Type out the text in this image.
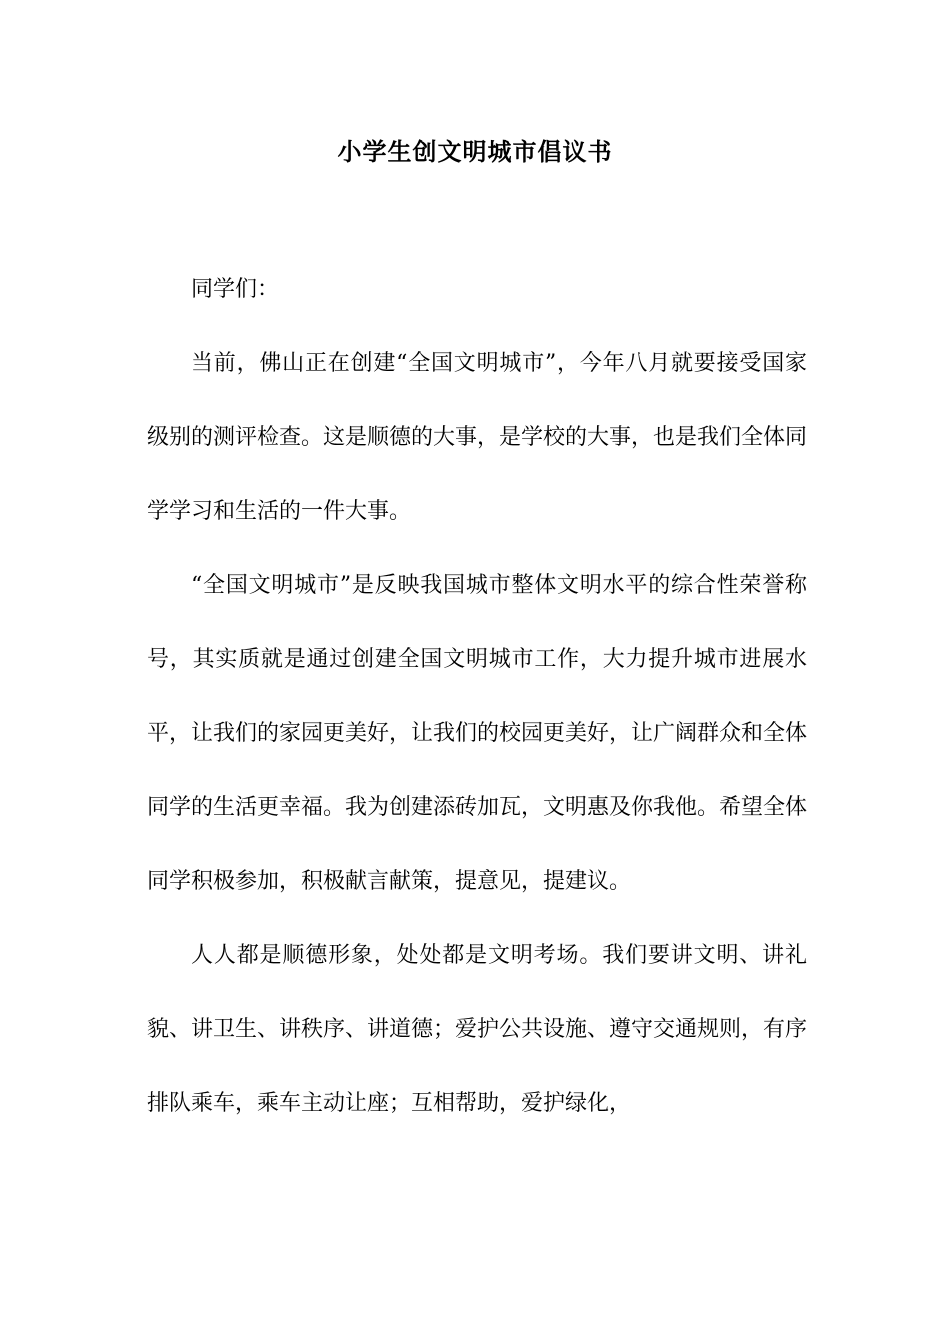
小学生创文明城市倡议书

同学们：

当前，佛山正在创建“全国文明城市”，今年八月就要接受国家级别的测评检查。这是顺德的大事，是学校的大事，也是我们全体同学学习和生活的一件大事。

“全国文明城市”是反映我国城市整体文明水平的综合性荣誉称号，其实质就是通过创建全国文明城市工作，大力提升城市进展水平，让我们的家园更美好，让我们的校园更美好，让广阔群众和全体同学的生活更幸福。我为创建添砖加瓦，文明惠及你我他。希望全体同学积极参加，积极献言献策，提意见，提建议。

人人都是顺德形象，处处都是文明考场。我们要讲文明、讲礼貌、讲卫生、讲秩序、讲道德；爱护公共设施、遵守交通规则，有序排队乘车，乘车主动让座；互相帮助，爱护绿化，
